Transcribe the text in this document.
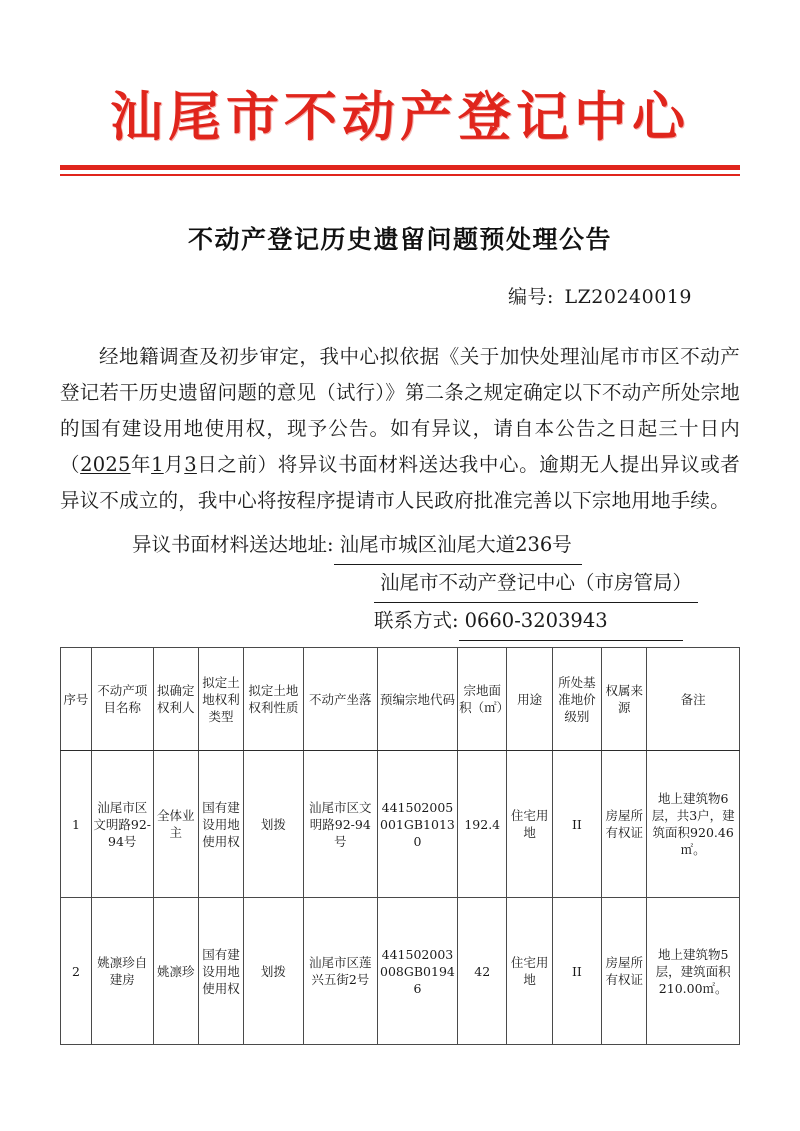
汕尾市不动产登记中心
不动产登记历史遗留问题预处理公告
编号: LZ20240019

经地籍调查及初步审定，我中心拟依据《关于加快处理汕尾市市区不动产登记若干历史遗留问题的意见（试行）》第二条之规定确定以下不动产所处宗地的国有建设用地使用权，现予公告。如有异议，请自本公告之日起三十日内（2025年1月3日之前）将异议书面材料送达我中心。逾期无人提出异议或者异议不成立的，我中心将按程序提请市人民政府批准完善以下宗地用地手续。

异议书面材料送达地址: 汕尾市城区汕尾大道236号
汕尾市不动产登记中心（市房管局）
联系方式: 0660-3203943
序号	不动产项目名称	拟确定权利人	拟定土地权利类型	拟定土地权利性质	不动产坐落	预编宗地代码	宗地面积（㎡）	用途	所处基准地价级别	权属来源	备注
1	汕尾市区文明路92-94号	全体业主	国有建设用地使用权	划拨	汕尾市区文明路92-94号	441502005001GB10130	192.4	住宅用地	II	房屋所有权证	地上建筑物6层，共3户，建筑面积920.46㎡。
2	姚凛珍自建房	姚凛珍	国有建设用地使用权	划拨	汕尾市区莲兴五街2号	441502003008GB01946	42	住宅用地	II	房屋所有权证	地上建筑物5层，建筑面积210.00㎡。
